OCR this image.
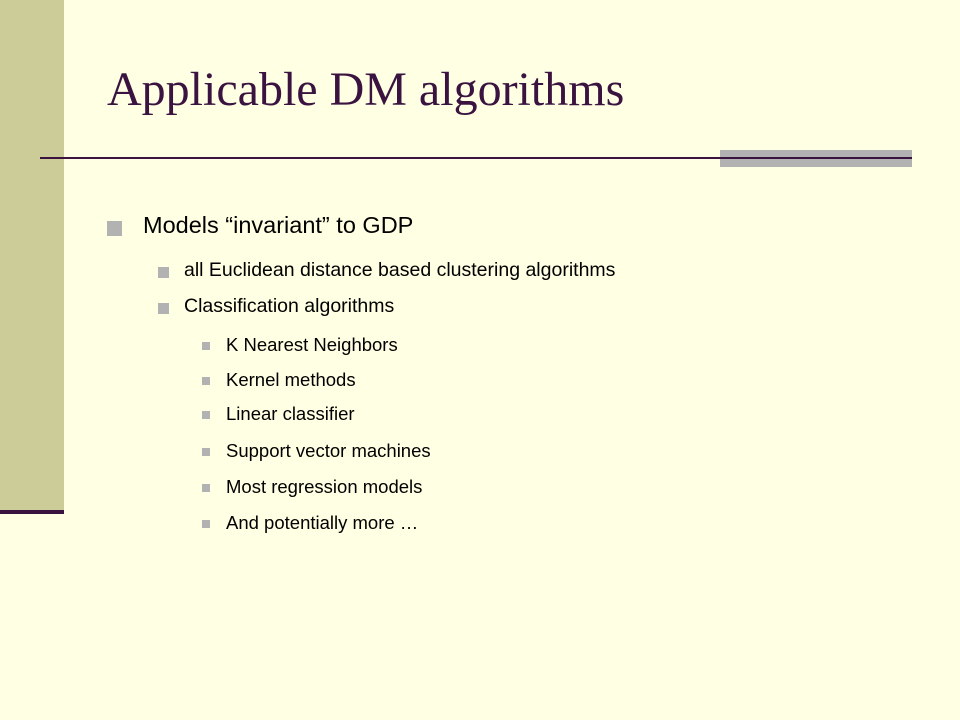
Applicable DM algorithms
Models “invariant” to GDP
all Euclidean distance based clustering algorithms
Classification algorithms
K Nearest Neighbors
Kernel methods
Linear classifier
Support vector machines
Most regression models
And potentially more …
